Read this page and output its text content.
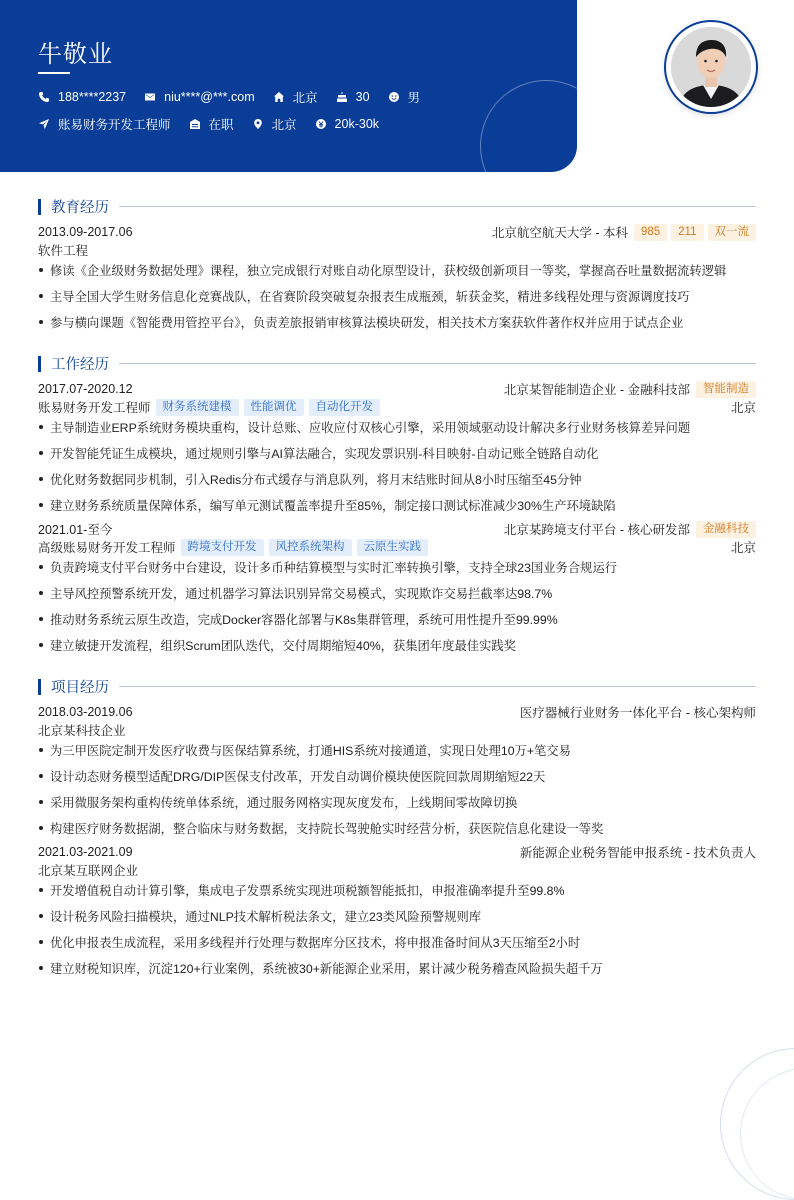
牛敬业
188****2237	niu****@***.com	北京	30	男
账易财务开发工程师	在职	北京	20k-30k
教育经历
2013.09-2017.06	北京航空航天大学 - 本科	985	211	双一流
软件工程
修读《企业级财务数据处理》课程，独立完成银行对账自动化原型设计，获校级创新项目一等奖，掌握高吞吐量数据流转逻辑
主导全国大学生财务信息化竞赛战队，在省赛阶段突破复杂报表生成瓶颈，斩获金奖，精进多线程处理与资源调度技巧
参与横向课题《智能费用管控平台》，负责差旅报销审核算法模块研发，相关技术方案获软件著作权并应用于试点企业
工作经历
2017.07-2020.12	北京某智能制造企业 - 金融科技部	智能制造
账易财务开发工程师	财务系统建模	性能调优	自动化开发	北京
主导制造业ERP系统财务模块重构，设计总账、应收应付双核心引擎，采用领域驱动设计解决多行业财务核算差异问题
开发智能凭证生成模块，通过规则引擎与AI算法融合，实现发票识别-科目映射-自动记账全链路自动化
优化财务数据同步机制，引入Redis分布式缓存与消息队列，将月末结账时间从8小时压缩至45分钟
建立财务系统质量保障体系，编写单元测试覆盖率提升至85%，制定接口测试标准减少30%生产环境缺陷
2021.01-至今	北京某跨境支付平台 - 核心研发部	金融科技
高级账易财务开发工程师	跨境支付开发	风控系统架构	云原生实践	北京
负责跨境支付平台财务中台建设，设计多币种结算模型与实时汇率转换引擎，支持全球23国业务合规运行
主导风控预警系统开发，通过机器学习算法识别异常交易模式，实现欺诈交易拦截率达98.7%
推动财务系统云原生改造，完成Docker容器化部署与K8s集群管理，系统可用性提升至99.99%
建立敏捷开发流程，组织Scrum团队迭代，交付周期缩短40%，获集团年度最佳实践奖
项目经历
2018.03-2019.06	医疗器械行业财务一体化平台 - 核心架构师
北京某科技企业
为三甲医院定制开发医疗收费与医保结算系统，打通HIS系统对接通道，实现日处理10万+笔交易
设计动态财务模型适配DRG/DIP医保支付改革，开发自动调价模块使医院回款周期缩短22天
采用微服务架构重构传统单体系统，通过服务网格实现灰度发布，上线期间零故障切换
构建医疗财务数据湖，整合临床与财务数据，支持院长驾驶舱实时经营分析，获医院信息化建设一等奖
2021.03-2021.09	新能源企业税务智能申报系统 - 技术负责人
北京某互联网企业
开发增值税自动计算引擎，集成电子发票系统实现进项税额智能抵扣，申报准确率提升至99.8%
设计税务风险扫描模块，通过NLP技术解析税法条文，建立23类风险预警规则库
优化申报表生成流程，采用多线程并行处理与数据库分区技术，将申报准备时间从3天压缩至2小时
建立财税知识库，沉淀120+行业案例，系统被30+新能源企业采用，累计减少税务稽查风险损失超千万
